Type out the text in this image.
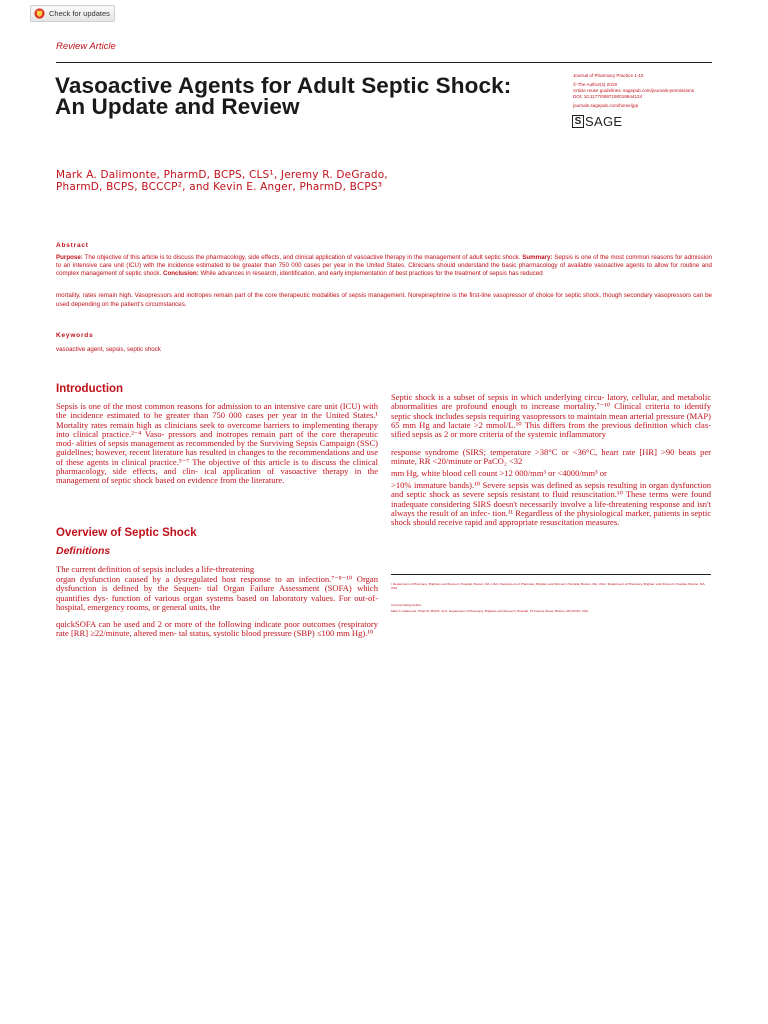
Check for updates
Review Article
Vasoactive Agents for Adult Septic Shock:
An Update and Review
Journal of Pharmacy Practice 1-10
© The Author(s) 2019
Article reuse guidelines: sagepub.com/journals-permissions
DOI: 10.1177/0897190019844124
journals.sagepub.com/home/jpp
S SAGE
Mark A. Dalimonte, PharmD, BCPS, CLS¹, Jeremy R. DeGrado,
PharmD, BCPS, BCCCP², and Kevin E. Anger, PharmD, BCPS³
Abstract

Purpose: The objective of this article is to discuss the pharmacology, side effects, and clinical application of vasoactive therapy in the management of adult septic shock. Summary: Sepsis is one of the most common reasons for admission to an intensive care unit (ICU) with the incidence estimated to be greater than 750 000 cases per year in the United States. Clinicians should understand the basic pharmacology of available vasoactive agents to allow for routine and complex management of septic shock. Conclusion: While advances in research, identification, and early implementation of best practices for the treatment of sepsis has reduced

mortality, rates remain high. Vasopressors and inotropes remain part of the core therapeutic modalities of sepsis management. Norepinephrine is the first-line vasopressor of choice for septic shock, though secondary vasopressors can be used depending on the patient's circumstances.

Keywords
vasoactive agent, sepsis, septic shock
Introduction

Sepsis is one of the most common reasons for admission to an intensive care unit (ICU) with the incidence estimated to be greater than 750 000 cases per year in the United States.¹ Mortality rates remain high as clinicians seek to overcome barriers to implementing therapy into clinical practice.²⁻⁴ Vaso- pressors and inotropes remain part of the core therapeutic mod- alities of sepsis management as recommended by the Surviving Sepsis Campaign (SSC) guidelines; however, recent literature has resulted in changes to the recommendations and use of these agents in clinical practice.⁵⁻⁷ The objective of this article is to discuss the clinical pharmacology, side effects, and clin- ical application of vasoactive therapy in the management of septic shock based on evidence from the literature.

Overview of Septic Shock
Definitions

The current definition of sepsis includes a life-threatening

organ dysfunction caused by a dysregulated host response to an infection.⁷⁻⁸⁻¹⁰ Organ dysfunction is defined by the Sequen- tial Organ Failure Assessment (SOFA) which quantifies dys- function of various organ systems based on laboratory values. For out-of-hospital, emergency rooms, or general units, the

quickSOFA can be used and 2 or more of the following indicate poor outcomes (respiratory rate [RR] ≥22/minute, altered men- tal status, systolic blood pressure (SBP) ≤100 mm Hg).¹⁰

Septic shock is a subset of sepsis in which underlying circu- latory, cellular, and metabolic abnormalities are profound enough to increase mortality.⁷⁻¹⁰ Clinical criteria to identify septic shock includes sepsis requiring vasopressors to maintain mean arterial pressure (MAP) 65 mm Hg and lactate >2 mmol/L.¹⁰ This differs from the previous definition which clas- sified sepsis as 2 or more criteria of the systemic inflammatory

response syndrome (SIRS; temperature >38°C or <36°C, heart rate [HR] >90 beats per minute, RR <20/minute or PaCO₂ <32

mm Hg, white blood cell count >12 000/mm³ or <4000/mm³ or

>10% immature bands).¹⁰ Severe sepsis was defined as sepsis resulting in organ dysfunction and septic shock as severe sepsis resistant to fluid resuscitation.¹⁰ These terms were found inadequate considering SIRS doesn't necessarily involve a life-threatening response and isn't always the result of an infec- tion.¹¹ Regardless of the physiological marker, patients in septic shock should receive rapid and appropriate resuscitation measures.

¹ Department of Pharmacy, Brigham and Women's Hospital, Boston, MA, USA ² Department of Pharmacy, Brigham and Women's Hospital, Boston, MA, USA ³ Department of Pharmacy, Brigham and Women's Hospital, Boston, MA, USA
Corresponding Author:
Mark A. Dalimonte, PharmD, BCPS, CLS, Department of Pharmacy, Brigham and Women's Hospital, 75 Francis Street, Boston, MA 02115, USA.
